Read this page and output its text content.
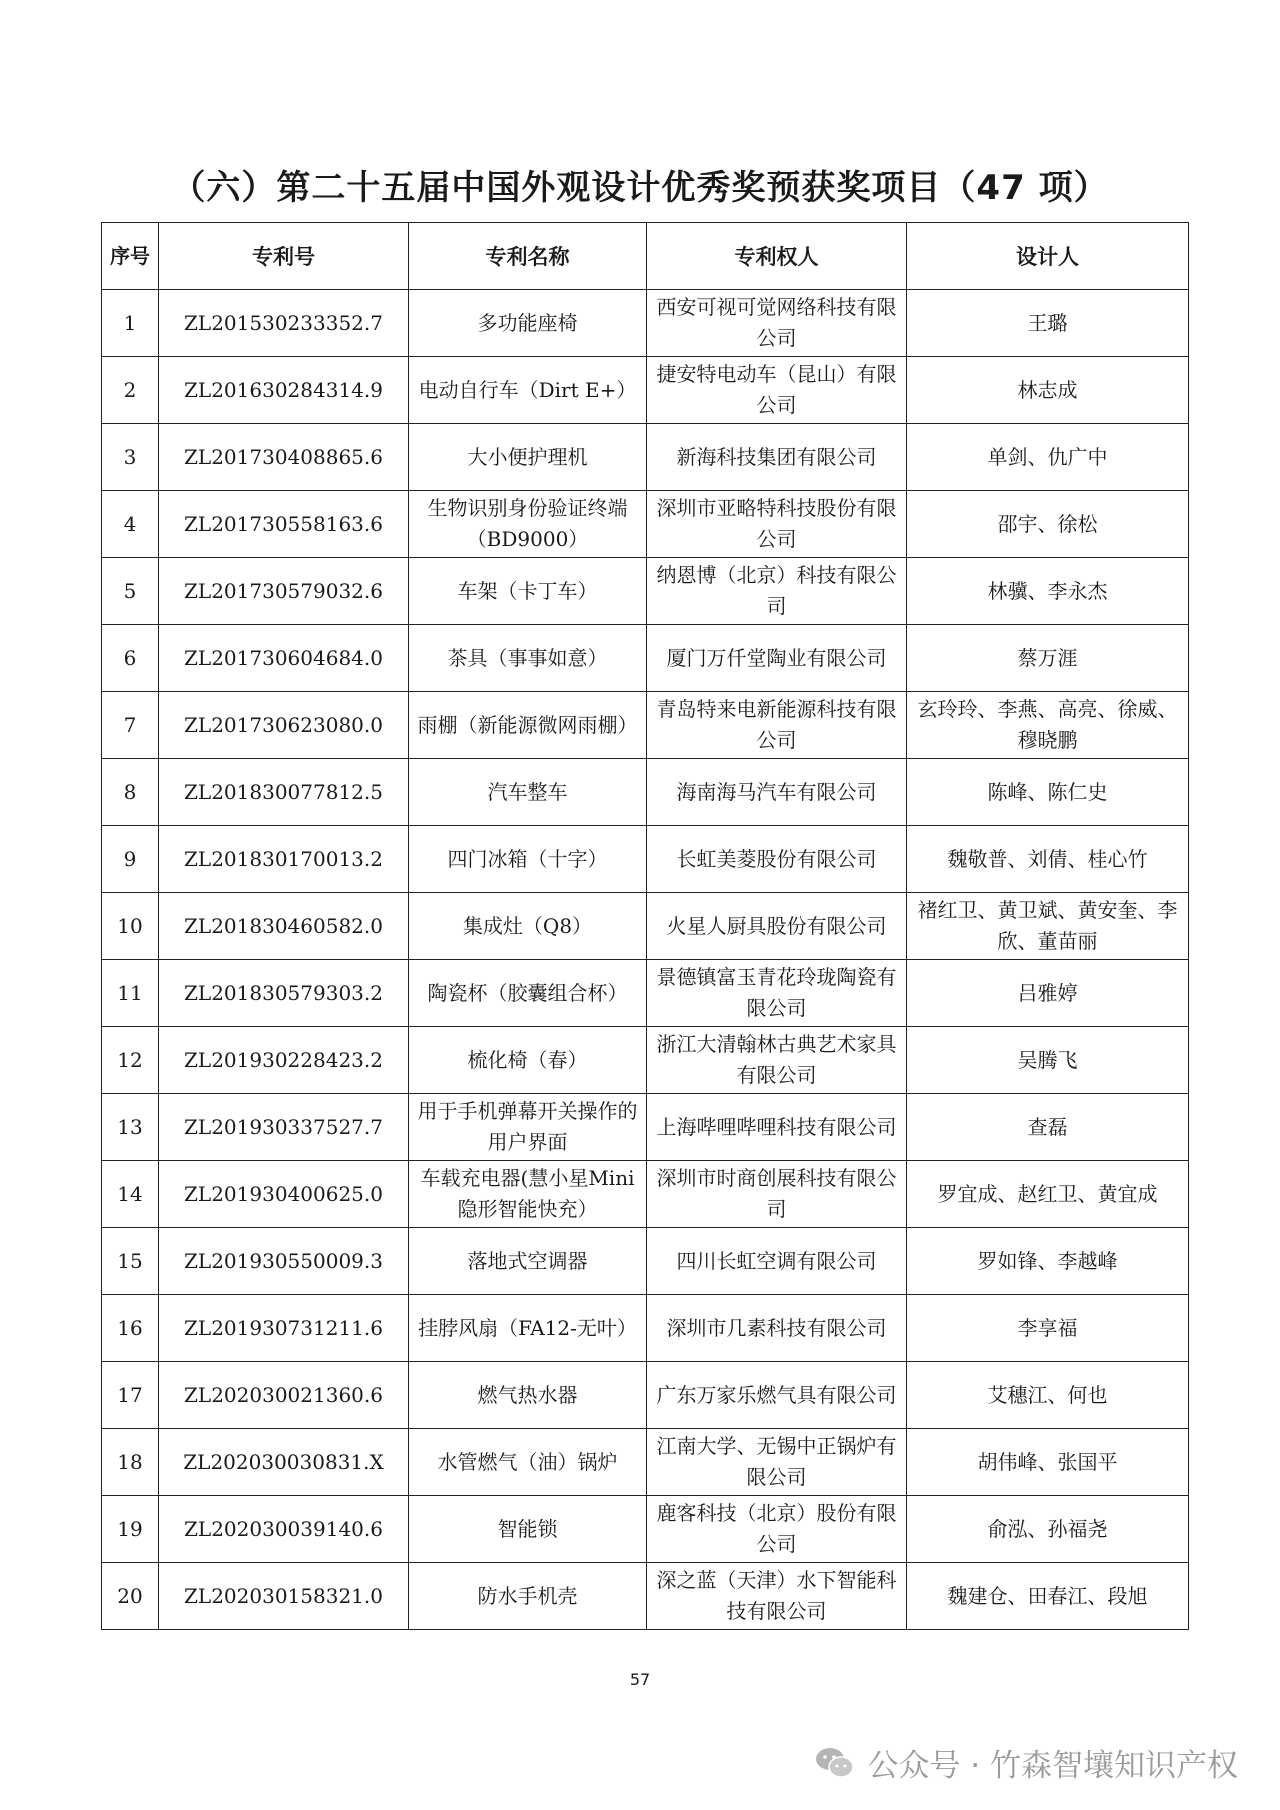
（六）第二十五届中国外观设计优秀奖预获奖项目（47 项）
序号	专利号	专利名称	专利权人	设计人
1	ZL201530233352.7	多功能座椅	西安可视可觉网络科技有限公司	王璐
2	ZL201630284314.9	电动自行车（Dirt E+）	捷安特电动车（昆山）有限公司	林志成
3	ZL201730408865.6	大小便护理机	新海科技集团有限公司	单剑、仇广中
4	ZL201730558163.6	生物识别身份验证终端（BD9000）	深圳市亚略特科技股份有限公司	邵宇、徐松
5	ZL201730579032.6	车架（卡丁车）	纳恩博（北京）科技有限公司	林骥、李永杰
6	ZL201730604684.0	茶具（事事如意）	厦门万仟堂陶业有限公司	蔡万涯
7	ZL201730623080.0	雨棚（新能源微网雨棚）	青岛特来电新能源科技有限公司	玄玲玲、李燕、高亮、徐威、穆晓鹏
8	ZL201830077812.5	汽车整车	海南海马汽车有限公司	陈峰、陈仁史
9	ZL201830170013.2	四门冰箱（十字）	长虹美菱股份有限公司	魏敬普、刘倩、桂心竹
10	ZL201830460582.0	集成灶（Q8）	火星人厨具股份有限公司	褚红卫、黄卫斌、黄安奎、李欣、董苗丽
11	ZL201830579303.2	陶瓷杯（胶囊组合杯）	景德镇富玉青花玲珑陶瓷有限公司	吕雅婷
12	ZL201930228423.2	梳化椅（春）	浙江大清翰林古典艺术家具有限公司	吴腾飞
13	ZL201930337527.7	用于手机弹幕开关操作的用户界面	上海哔哩哔哩科技有限公司	查磊
14	ZL201930400625.0	车载充电器(慧小星Mini隐形智能快充）	深圳市时商创展科技有限公司	罗宜成、赵红卫、黄宜成
15	ZL201930550009.3	落地式空调器	四川长虹空调有限公司	罗如锋、李越峰
16	ZL201930731211.6	挂脖风扇（FA12-无叶）	深圳市几素科技有限公司	李享福
17	ZL202030021360.6	燃气热水器	广东万家乐燃气具有限公司	艾穗江、何也
18	ZL202030030831.X	水管燃气（油）锅炉	江南大学、无锡中正锅炉有限公司	胡伟峰、张国平
19	ZL202030039140.6	智能锁	鹿客科技（北京）股份有限公司	俞泓、孙福尧
20	ZL202030158321.0	防水手机壳	深之蓝（天津）水下智能科技有限公司	魏建仓、田春江、段旭
57
公众号 · 竹森智壤知识产权
